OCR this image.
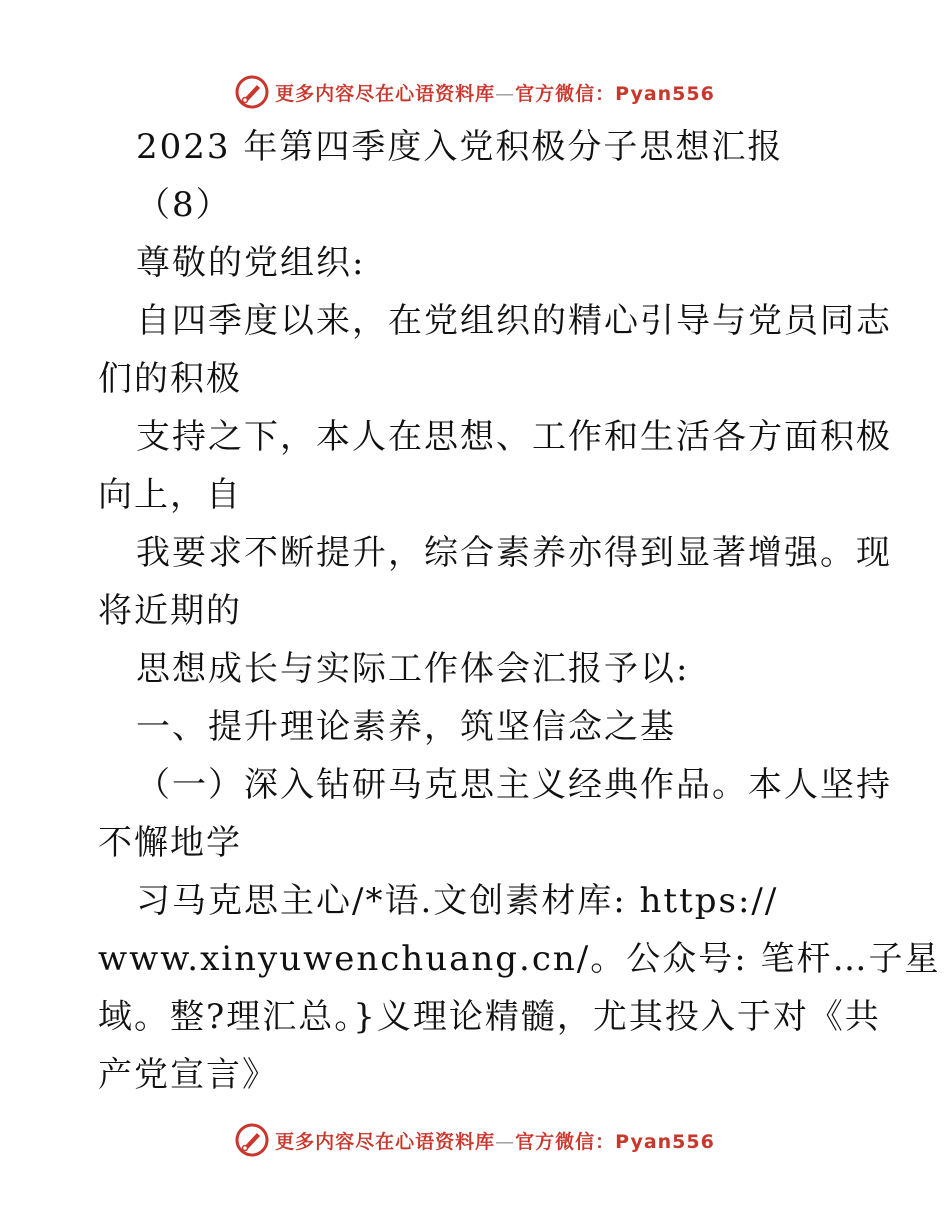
更多内容尽在心语资料库—官方微信：Pyan556
2023 年第四季度入党积极分子思想汇报
（8）
尊敬的党组织:
自四季度以来，在党组织的精心引导与党员同志
们的积极
支持之下，本人在思想、工作和生活各方面积极
向上，自
我要求不断提升，综合素养亦得到显著增强。现
将近期的
思想成长与实际工作体会汇报予以:
一、提升理论素养，筑坚信念之基
（一）深入钻研马克思主义经典作品。本人坚持
不懈地学
习马克思主心/*语.文创素材库: https://
www.xinyuwenchuang.cn/。公众号: 笔杆…子星
域。整?理汇总。}义理论精髓，尤其投入于对《共
产党宣言》
更多内容尽在心语资料库—官方微信：Pyan556
